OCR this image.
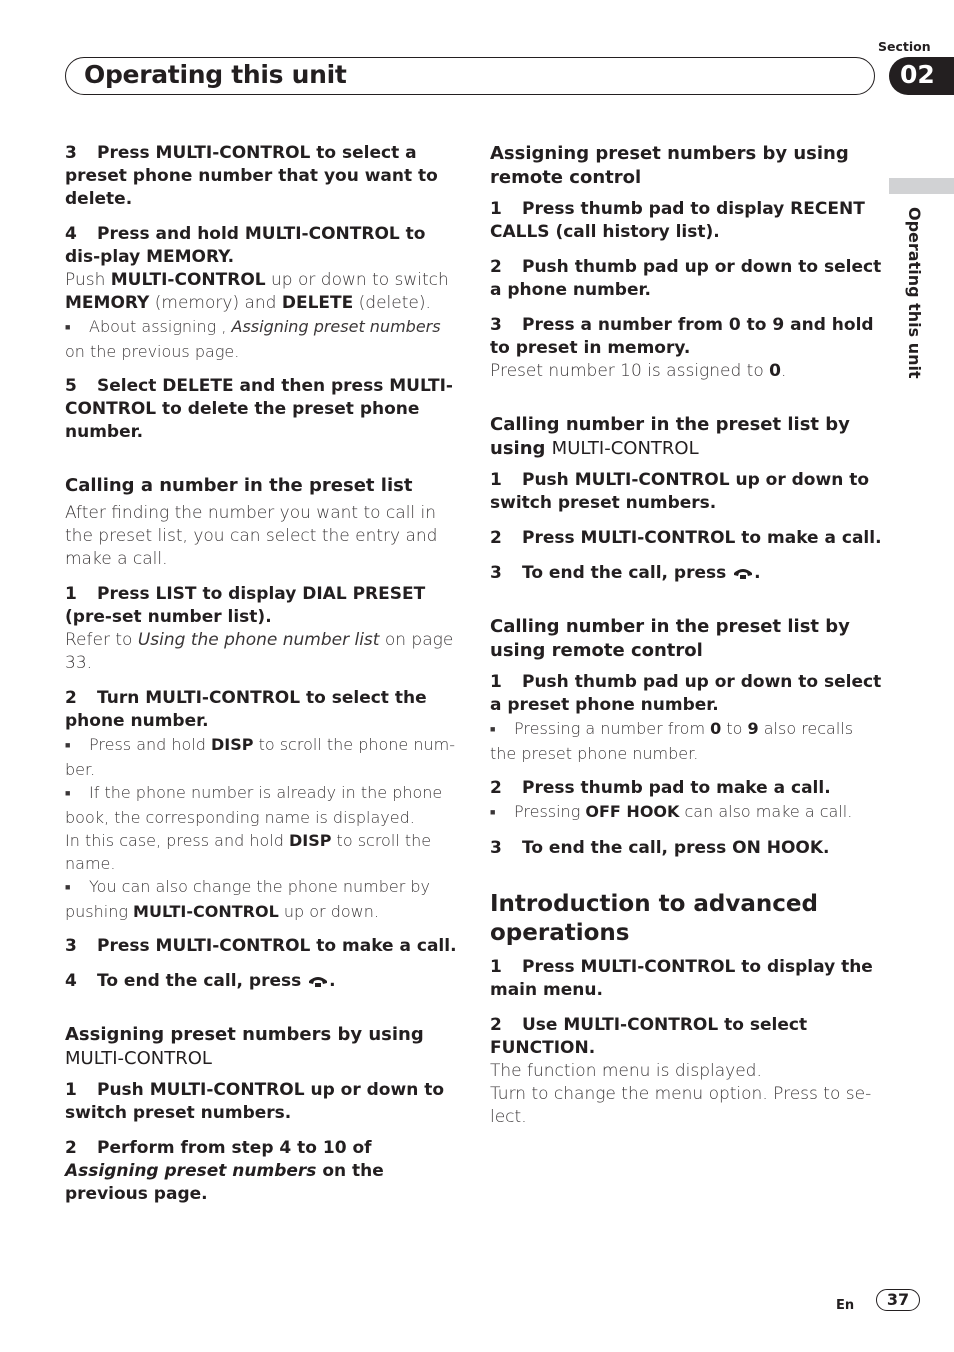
Section
Operating this unit	02
Operating this unit

3 Press MULTI-CONTROL to select a preset phone number that you want to delete.

4 Press and hold MULTI-CONTROL to dis-play MEMORY.

Push MULTI-CONTROL up or down to switch MEMORY (memory) and DELETE (delete).

■ About assigning , Assigning preset numbers on the previous page.

5 Select DELETE and then press MULTI-CONTROL to delete the preset phone number.

Calling a number in the preset list

After finding the number you want to call in the preset list, you can select the entry and make a call.

1 Press LIST to display DIAL PRESET (pre-set number list).

Refer to Using the phone number list on page 33.

2 Turn MULTI-CONTROL to select the phone number.

■ Press and hold DISP to scroll the phone num-ber.

■ If the phone number is already in the phone book, the corresponding name is displayed.

In this case, press and hold DISP to scroll the name.

■ You can also change the phone number by pushing MULTI-CONTROL up or down.

3 Press MULTI-CONTROL to make a call.

4 To end the call, press .

Assigning preset numbers by using
MULTI-CONTROL

1 Push MULTI-CONTROL up or down to switch preset numbers.

2 Perform from step 4 to 10 of Assigning preset numbers on the previous page.

Assigning preset numbers by using remote control

1 Press thumb pad to display RECENT CALLS (call history list).

2 Push thumb pad up or down to select a phone number.

3 Press a number from 0 to 9 and hold to preset in memory.

Preset number 10 is assigned to 0.

Calling number in the preset list by using MULTI-CONTROL

1 Push MULTI-CONTROL up or down to switch preset numbers.

2 Press MULTI-CONTROL to make a call.

3 To end the call, press .

Calling number in the preset list by using remote control

1 Push thumb pad up or down to select a preset phone number.

■ Pressing a number from 0 to 9 also recalls the preset phone number.

2 Press thumb pad to make a call.

■ Pressing OFF HOOK can also make a call.

3 To end the call, press ON HOOK.

Introduction to advanced operations

1 Press MULTI-CONTROL to display the main menu.

2 Use MULTI-CONTROL to select FUNCTION.

The function menu is displayed.

Turn to change the menu option. Press to se-lect.

En	37
